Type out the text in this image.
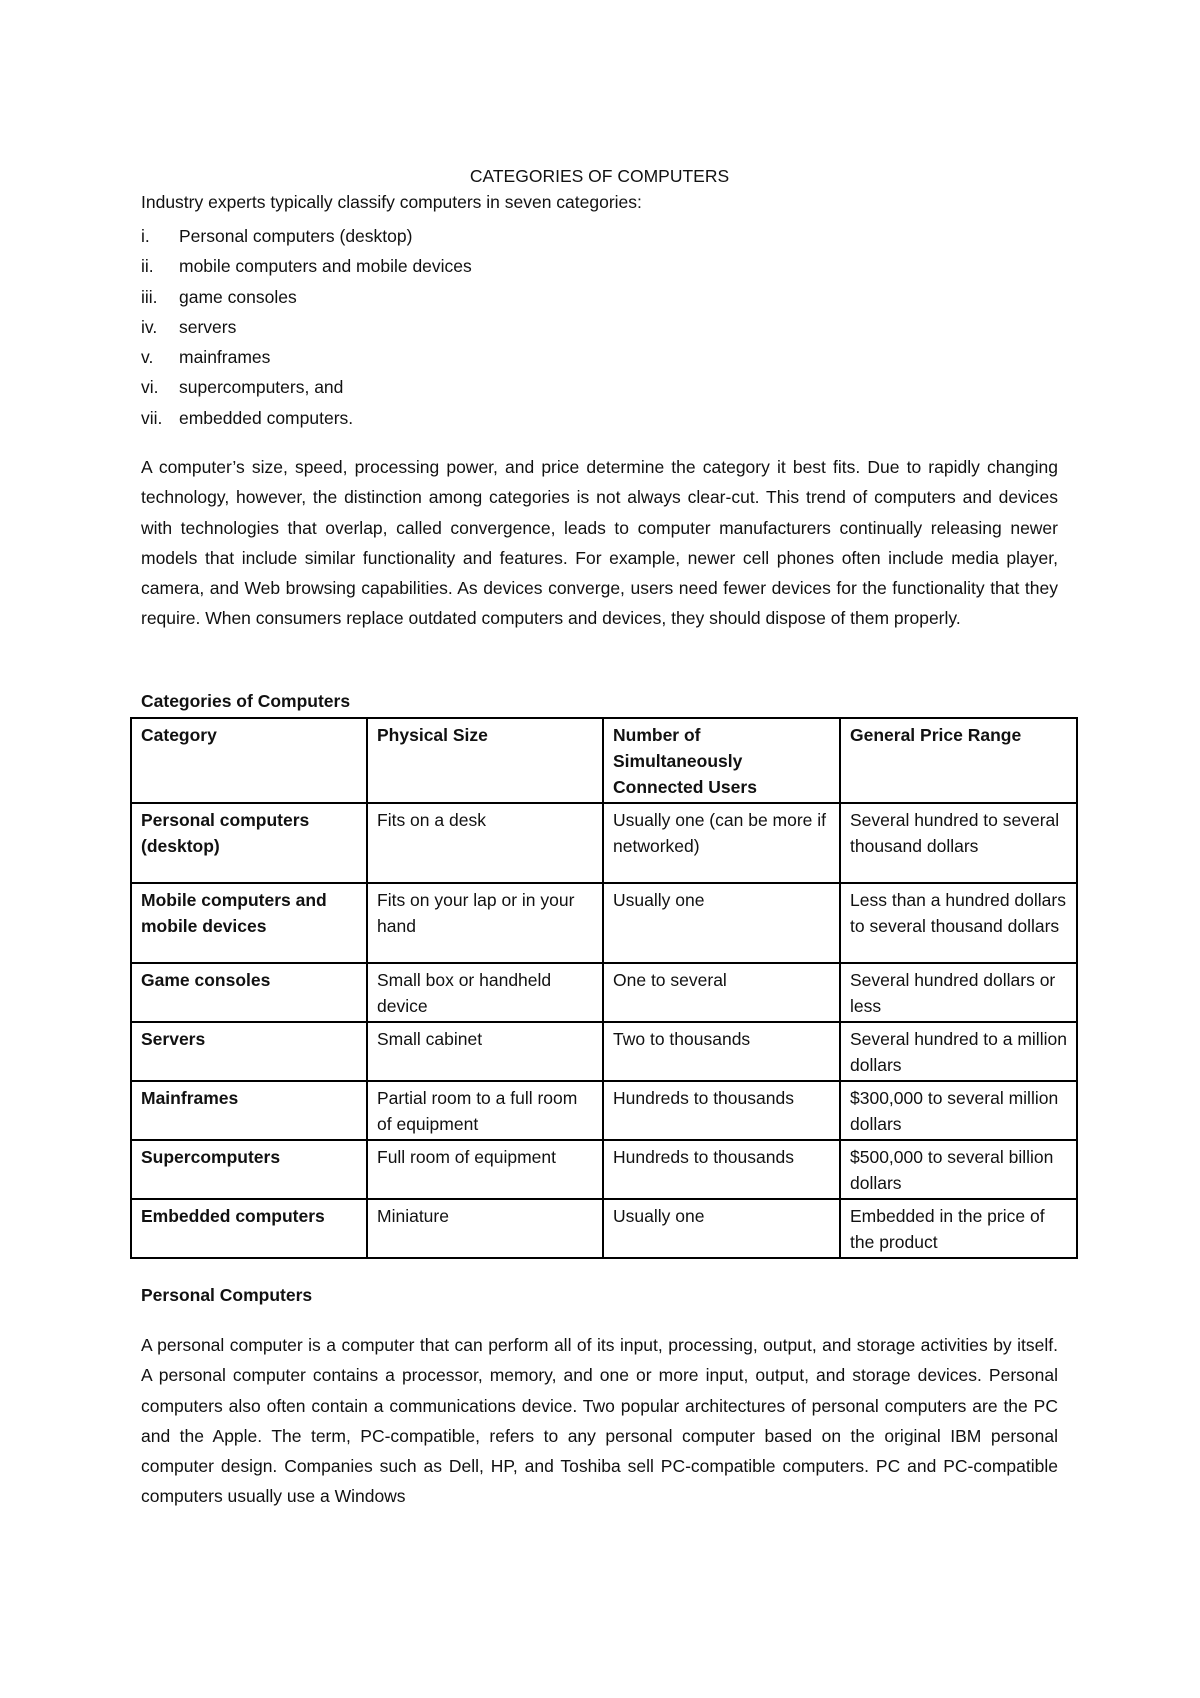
CATEGORIES OF COMPUTERS
Industry experts typically classify computers in seven categories:
i. Personal computers (desktop)
ii. mobile computers and mobile devices
iii. game consoles
iv. servers
v. mainframes
vi. supercomputers, and
vii. embedded computers.

A computer’s size, speed, processing power, and price determine the category it best fits. Due to rapidly changing technology, however, the distinction among categories is not always clear-cut. This trend of computers and devices with technologies that overlap, called convergence, leads to computer manufacturers continually releasing newer models that include similar functionality and features. For example, newer cell phones often include media player, camera, and Web browsing capabilities. As devices converge, users need fewer devices for the functionality that they require. When consumers replace outdated computers and devices, they should dispose of them properly.

Categories of Computers
Category	Physical Size	Number of Simultaneously Connected Users	General Price Range
Personal computers (desktop)	Fits on a desk	Usually one (can be more if networked)	Several hundred to several thousand dollars
Mobile computers and mobile devices	Fits on your lap or in your hand	Usually one	Less than a hundred dollars to several thousand dollars
Game consoles	Small box or handheld device	One to several	Several hundred dollars or less
Servers	Small cabinet	Two to thousands	Several hundred to a million dollars
Mainframes	Partial room to a full room of equipment	Hundreds to thousands	$300,000 to several million dollars
Supercomputers	Full room of equipment	Hundreds to thousands	$500,000 to several billion dollars
Embedded computers	Miniature	Usually one	Embedded in the price of the product
Personal Computers

A personal computer is a computer that can perform all of its input, processing, output, and storage activities by itself. A personal computer contains a processor, memory, and one or more input, output, and storage devices. Personal computers also often contain a communications device. Two popular architectures of personal computers are the PC and the Apple. The term, PC-compatible, refers to any personal computer based on the original IBM personal computer design. Companies such as Dell, HP, and Toshiba sell PC-compatible computers. PC and PC-compatible computers usually use a Windows
